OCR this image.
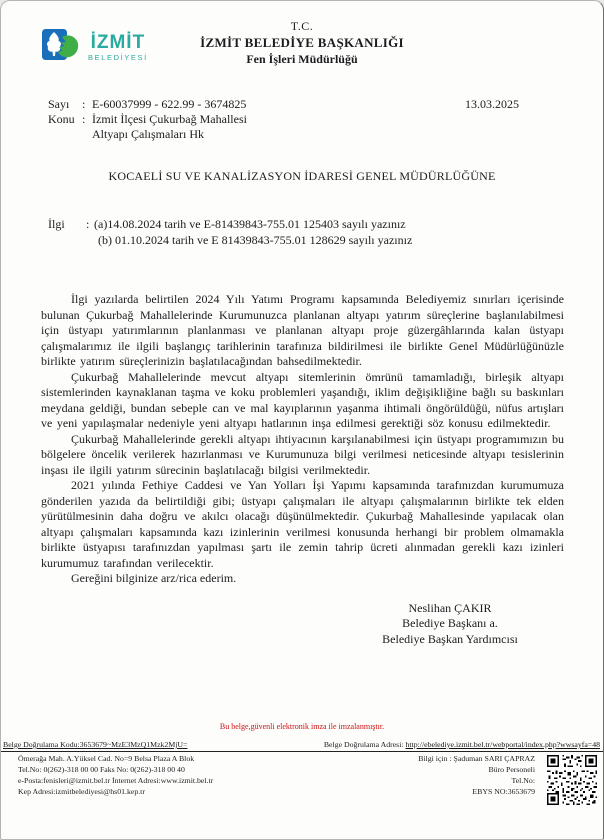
İZMİT
BELEDİYESİ
T.C.
İZMİT BELEDİYE BAŞKANLIĞI
Fen İşleri Müdürlüğü
Sayı	: E-60037999 - 622.99 - 3674825	13.03.2025
Konu : İzmit İlçesi Çukurbağ Mahallesi
Altyapı Çalışmaları Hk
KOCAELİ SU VE KANALİZASYON İDARESİ GENEL MÜDÜRLÜĞÜNE
İlgi	: (a)14.08.2024 tarih ve E-81439843-755.01 125403 sayılı yazınız
(b) 01.10.2024 tarih ve E 81439843-755.01 128629 sayılı yazınız

İlgi yazılarda belirtilen 2024 Yılı Yatımı Programı kapsamında Belediyemiz sınırları içerisinde bulunan Çukurbağ Mahallelerinde Kurumunuzca planlanan altyapı yatırım süreçlerine başlanılabilmesi için üstyapı yatırımlarının planlanması ve planlanan altyapı proje güzergâhlarında kalan üstyapı çalışmalarımız ile ilgili başlangıç tarihlerinin tarafınıza bildirilmesi ile birlikte Genel Müdürlüğünüzle birlikte yatırım süreçlerinizin başlatılacağından bahsedilmektedir.

Çukurbağ Mahallelerinde mevcut altyapı sitemlerinin ömrünü tamamladığı, birleşik altyapı sistemlerinden kaynaklanan taşma ve koku problemleri yaşandığı, iklim değişikliğine bağlı su baskınları meydana geldiği, bundan sebeple can ve mal kayıplarının yaşanma ihtimali öngörüldüğü, nüfus artışları ve yeni yapılaşmalar nedeniyle yeni altyapı hatlarının inşa edilmesi gerektiği söz konusu edilmektedir.

Çukurbağ Mahallelerinde gerekli altyapı ihtiyacının karşılanabilmesi için üstyapı programımızın bu bölgelere öncelik verilerek hazırlanması ve Kurumunuza bilgi verilmesi neticesinde altyapı tesislerinin inşası ile ilgili yatırım sürecinin başlatılacağı bilgisi verilmektedir.

2021 yılında Fethiye Caddesi ve Yan Yolları İşi Yapımı kapsamında tarafınızdan kurumumuza gönderilen yazıda da belirtildiği gibi; üstyapı çalışmaları ile altyapı çalışmalarının birlikte tek elden yürütülmesinin daha doğru ve akılcı olacağı düşünülmektedir. Çukurbağ Mahallesinde yapılacak olan altyapı çalışmaları kapsamında kazı izinlerinin verilmesi konusunda herhangi bir problem olmamakla birlikte üstyapısı tarafınızdan yapılması şartı ile zemin tahrip ücreti alınmadan gerekli kazı izinleri kurumumuz tarafından verilecektir.

Gereğini bilginize arz/rica ederim.
Neslihan ÇAKIR
Belediye Başkanı a.
Belediye Başkan Yardımcısı
Bu belge,güvenli elektronik imza ile imzalanmıştır.
Belge Doğrulama Kodu:3653679~MzE3MzQ1Mzk2MjU=	Belge Doğrulama Adresi: http://ebelediye.izmit.bel.tr/webportal/index.php?wwsayfa=48
Ömerağa Mah. A.Yüksel Cad. No=9 Belsa Plaza A Blok
Tel.No: 0(262)-318 00 00 Faks No: 0(262)-318 00 40
e-Posta:fenisleri@izmit.bel.tr İnternet Adresi:www.izmit.bel.tr
Kep Adresi:izmitbelediyesi@hs01.kep.tr
Bilgi için : Şaduman SARI ÇAPRAZ
Büro Personeli
Tel.No:
EBYS NO:3653679
